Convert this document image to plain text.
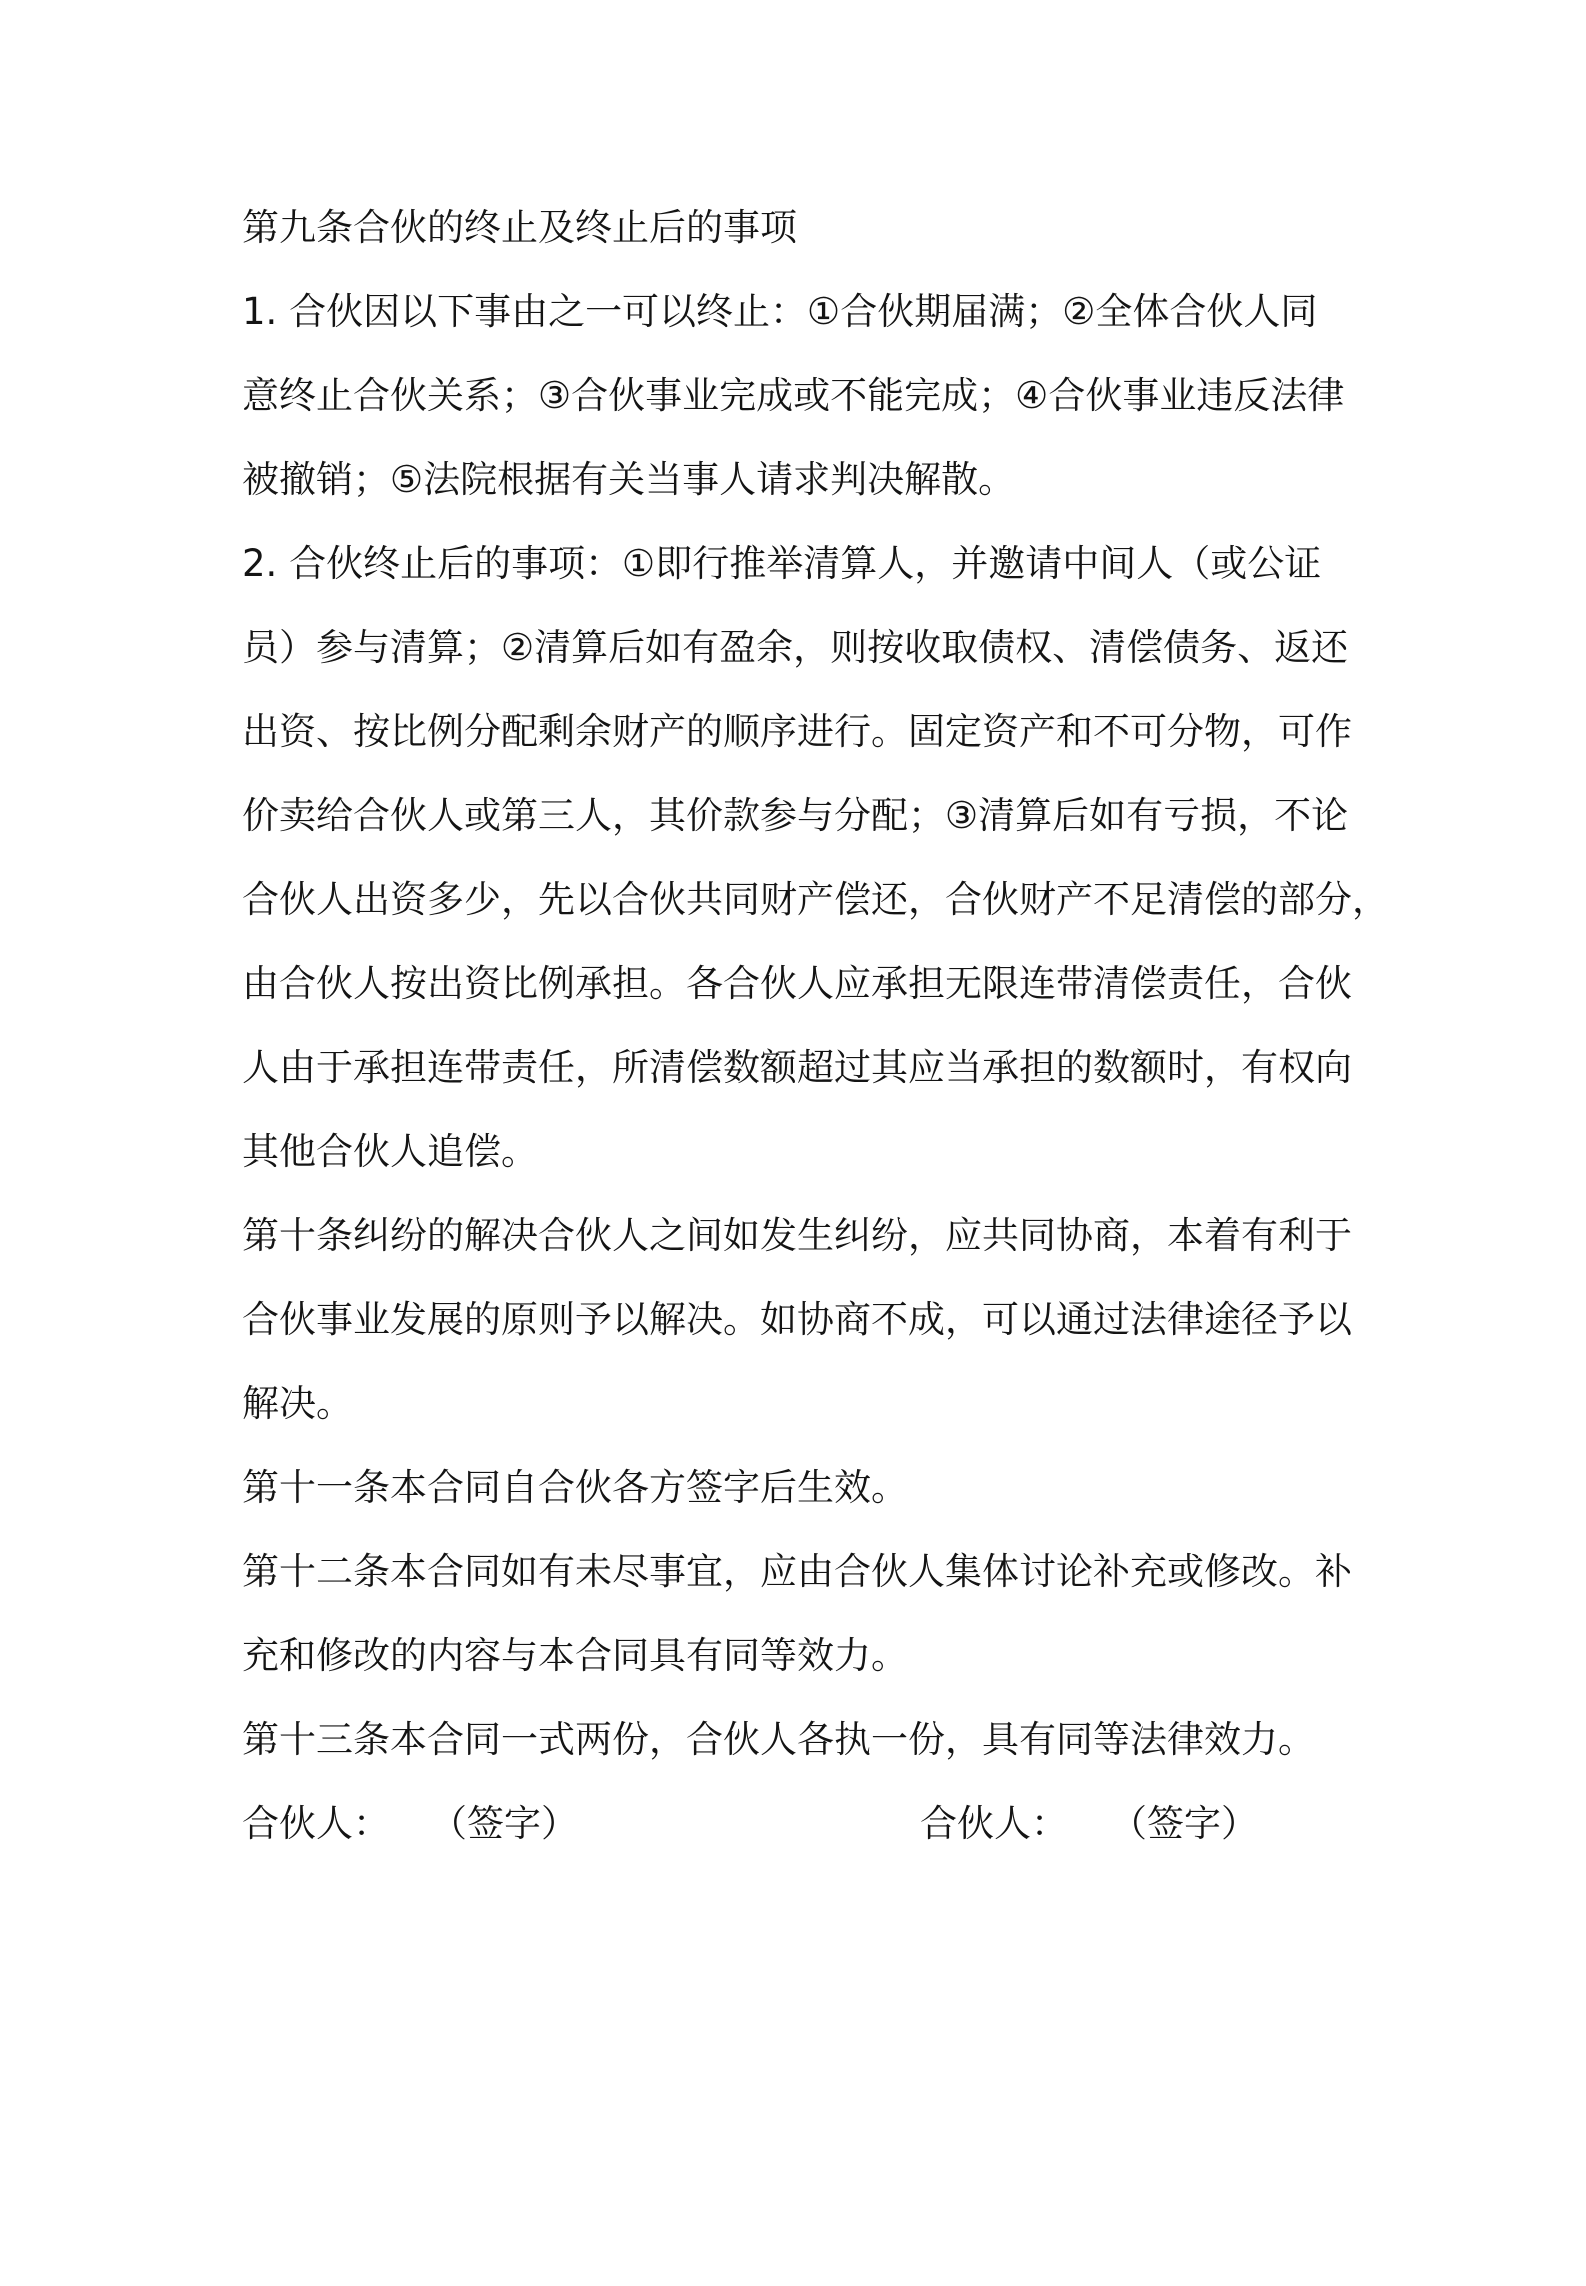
第九条合伙的终止及终止后的事项
1. 合伙因以下事由之一可以终止：①合伙期届满；②全体合伙人同
意终止合伙关系；③合伙事业完成或不能完成；④合伙事业违反法律
被撤销；⑤法院根据有关当事人请求判决解散。
2. 合伙终止后的事项：①即行推举清算人，并邀请中间人（或公证
员）参与清算；②清算后如有盈余，则按收取债权、清偿债务、返还
出资、按比例分配剩余财产的顺序进行。固定资产和不可分物，可作
价卖给合伙人或第三人，其价款参与分配；③清算后如有亏损，不论
合伙人出资多少，先以合伙共同财产偿还，合伙财产不足清偿的部分，
由合伙人按出资比例承担。各合伙人应承担无限连带清偿责任，合伙
人由于承担连带责任，所清偿数额超过其应当承担的数额时，有权向
其他合伙人追偿。
第十条纠纷的解决合伙人之间如发生纠纷，应共同协商，本着有利于
合伙事业发展的原则予以解决。如协商不成，可以通过法律途径予以
解决。
第十一条本合同自合伙各方签字后生效。
第十二条本合同如有未尽事宜，应由合伙人集体讨论补充或修改。补
充和修改的内容与本合同具有同等效力。
第十三条本合同一式两份，合伙人各执一份，具有同等法律效力。

合伙人：

（签字）

	合伙人：

（签字）
